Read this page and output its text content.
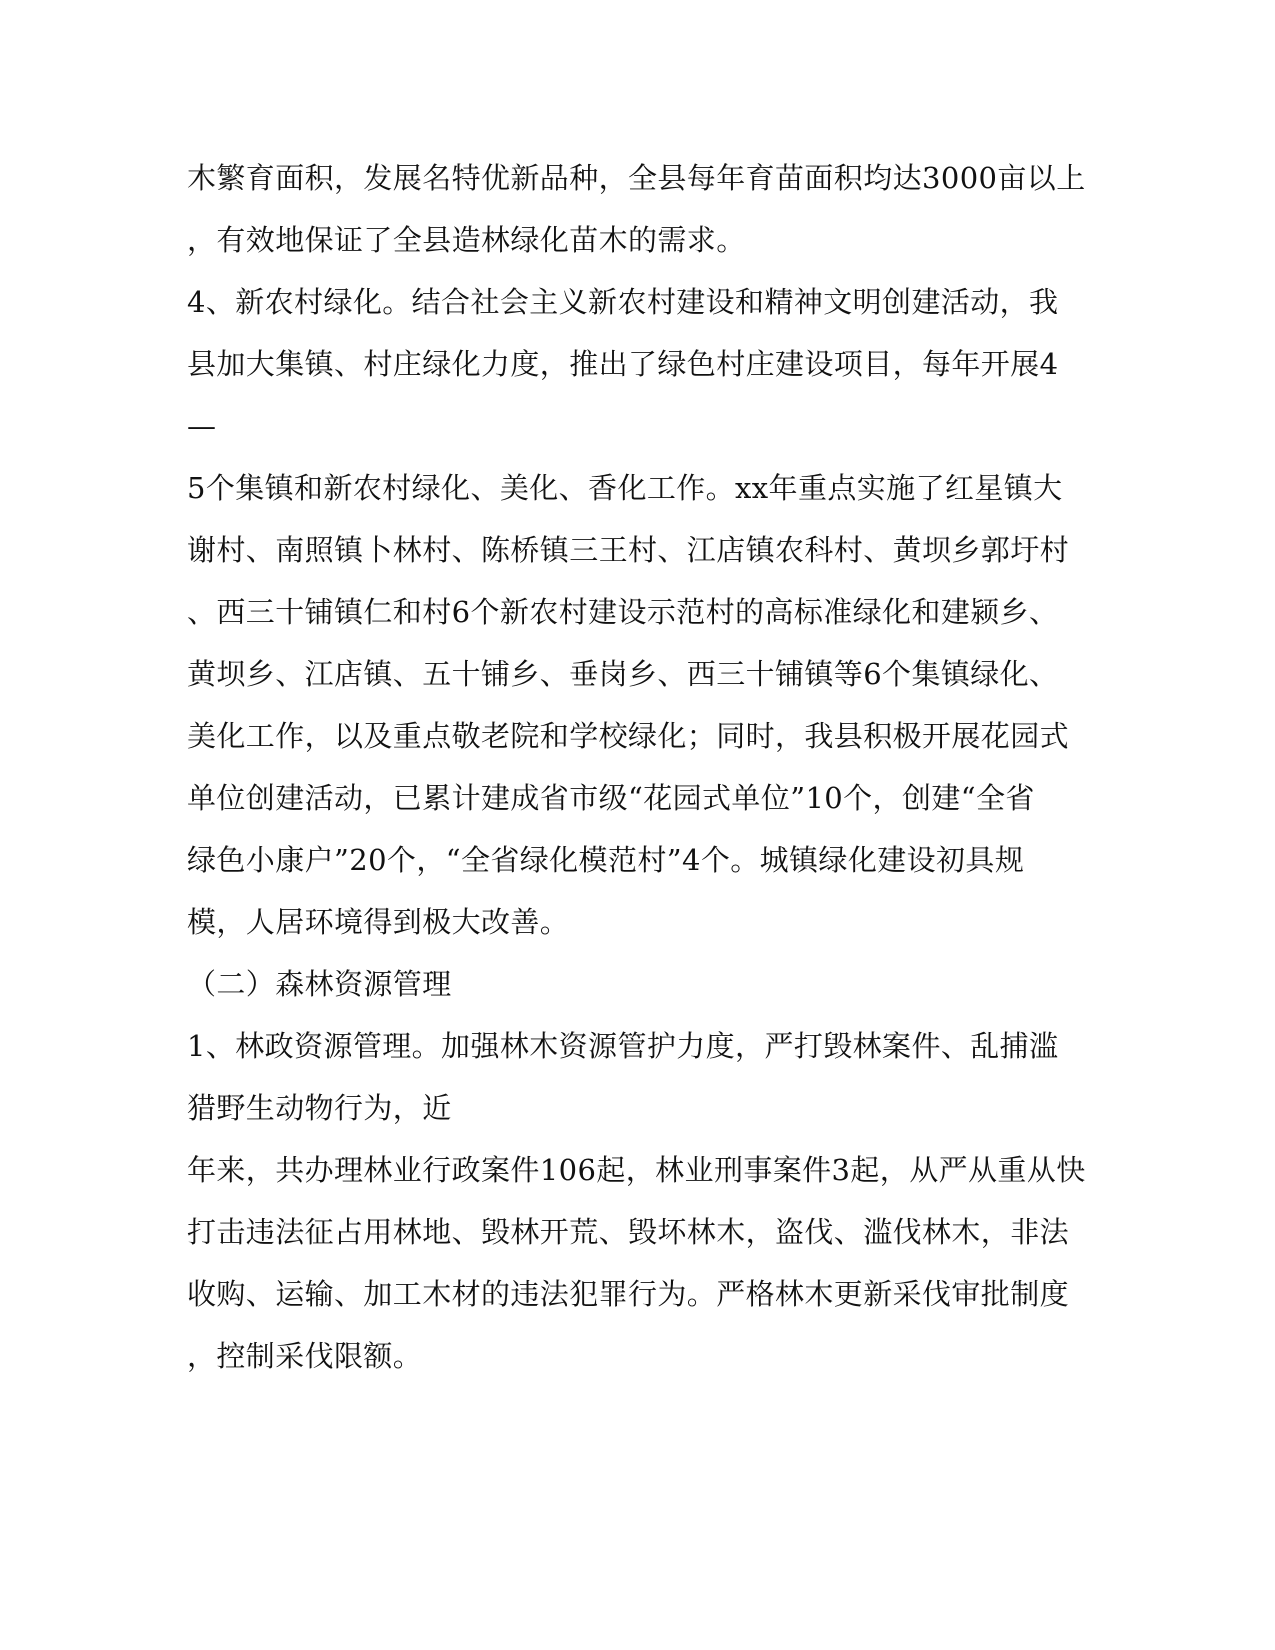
木繁育面积，发展名特优新品种，全县每年育苗面积均达3000亩以上
，有效地保证了全县造林绿化苗木的需求。
4、新农村绿化。结合社会主义新农村建设和精神文明创建活动，我
县加大集镇、村庄绿化力度，推出了绿色村庄建设项目，每年开展4
—
5个集镇和新农村绿化、美化、香化工作。xx年重点实施了红星镇大
谢村、南照镇卜林村、陈桥镇三王村、江店镇农科村、黄坝乡郭圩村
、西三十铺镇仁和村6个新农村建设示范村的高标准绿化和建颍乡、
黄坝乡、江店镇、五十铺乡、垂岗乡、西三十铺镇等6个集镇绿化、
美化工作，以及重点敬老院和学校绿化；同时，我县积极开展花园式
单位创建活动，已累计建成省市级“花园式单位”10个，创建“全省
绿色小康户”20个，“全省绿化模范村”4个。城镇绿化建设初具规
模，人居环境得到极大改善。
（二）森林资源管理
1、林政资源管理。加强林木资源管护力度，严打毁林案件、乱捕滥
猎野生动物行为，近
年来，共办理林业行政案件106起，林业刑事案件3起，从严从重从快
打击违法征占用林地、毁林开荒、毁坏林木，盗伐、滥伐林木，非法
收购、运输、加工木材的违法犯罪行为。严格林木更新采伐审批制度
，控制采伐限额。
